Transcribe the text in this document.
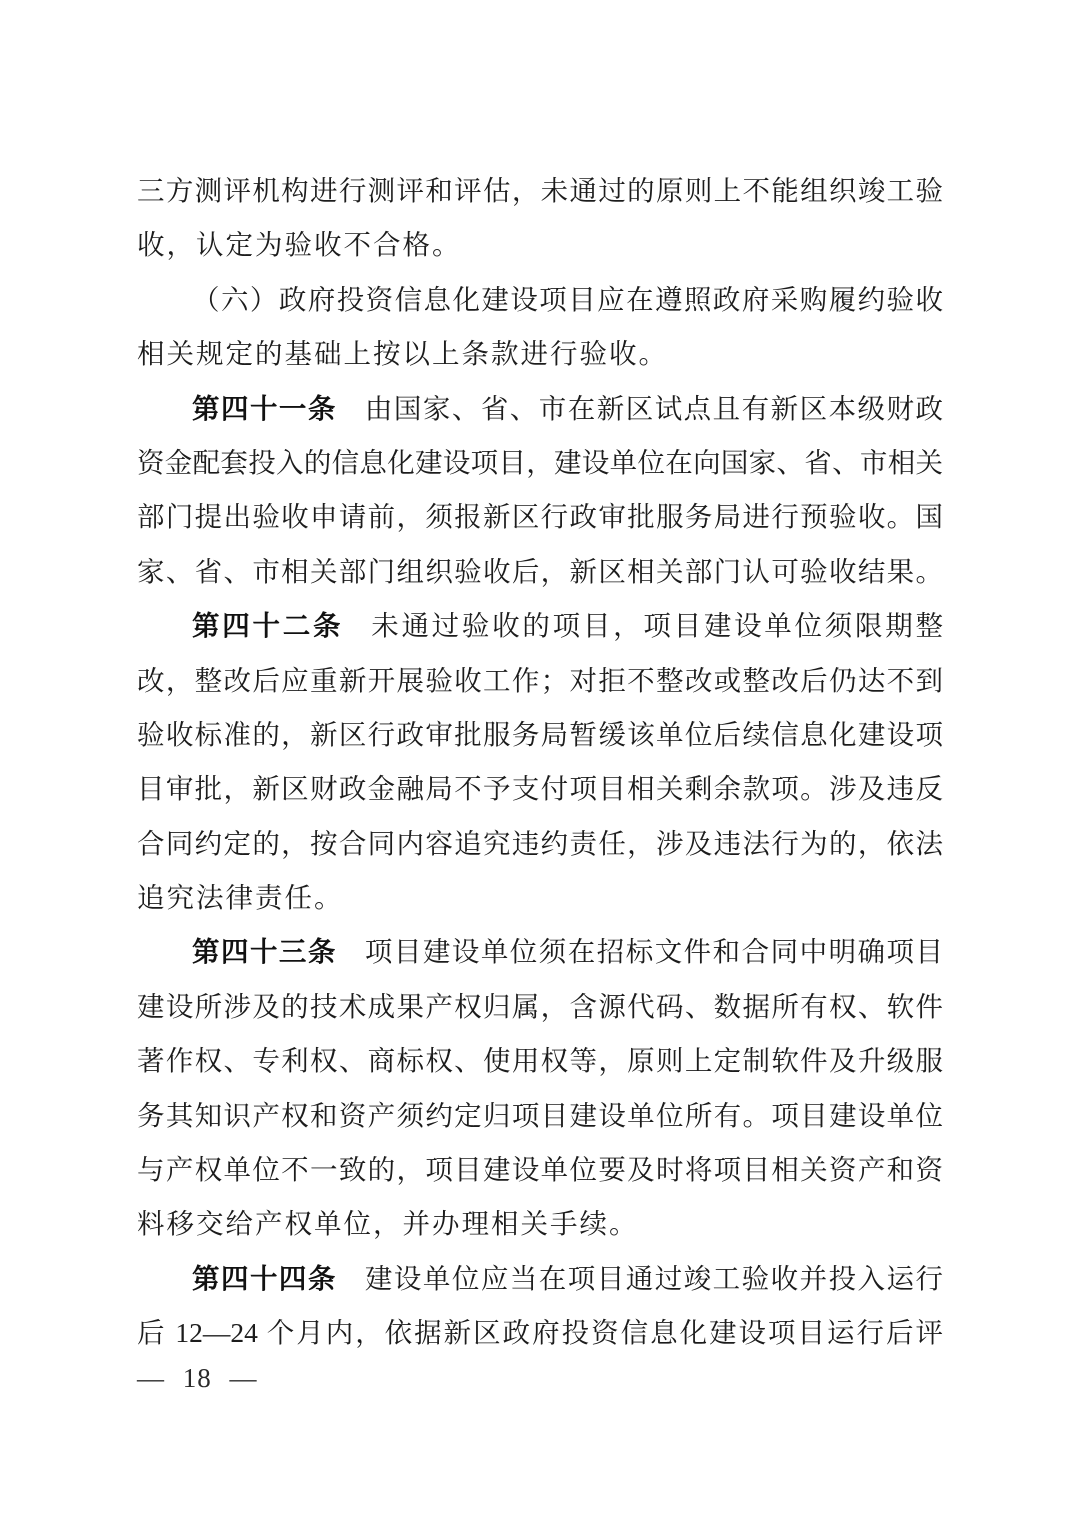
三方测评机构进行测评和评估，未通过的原则上不能组织竣工验
收，认定为验收不合格。
（六）政府投资信息化建设项目应在遵照政府采购履约验收
相关规定的基础上按以上条款进行验收。
第四十一条 由国家、省、市在新区试点且有新区本级财政
资金配套投入的信息化建设项目，建设单位在向国家、省、市相关
部门提出验收申请前，须报新区行政审批服务局进行预验收。国
家、省、市相关部门组织验收后，新区相关部门认可验收结果。
第四十二条 未通过验收的项目，项目建设单位须限期整
改，整改后应重新开展验收工作；对拒不整改或整改后仍达不到
验收标准的，新区行政审批服务局暂缓该单位后续信息化建设项
目审批，新区财政金融局不予支付项目相关剩余款项。涉及违反
合同约定的，按合同内容追究违约责任，涉及违法行为的，依法
追究法律责任。
第四十三条 项目建设单位须在招标文件和合同中明确项目
建设所涉及的技术成果产权归属，含源代码、数据所有权、软件
著作权、专利权、商标权、使用权等，原则上定制软件及升级服
务其知识产权和资产须约定归项目建设单位所有。项目建设单位
与产权单位不一致的，项目建设单位要及时将项目相关资产和资
料移交给产权单位，并办理相关手续。
第四十四条 建设单位应当在项目通过竣工验收并投入运行
后 12—24 个月内，依据新区政府投资信息化建设项目运行后评
— 18 —
